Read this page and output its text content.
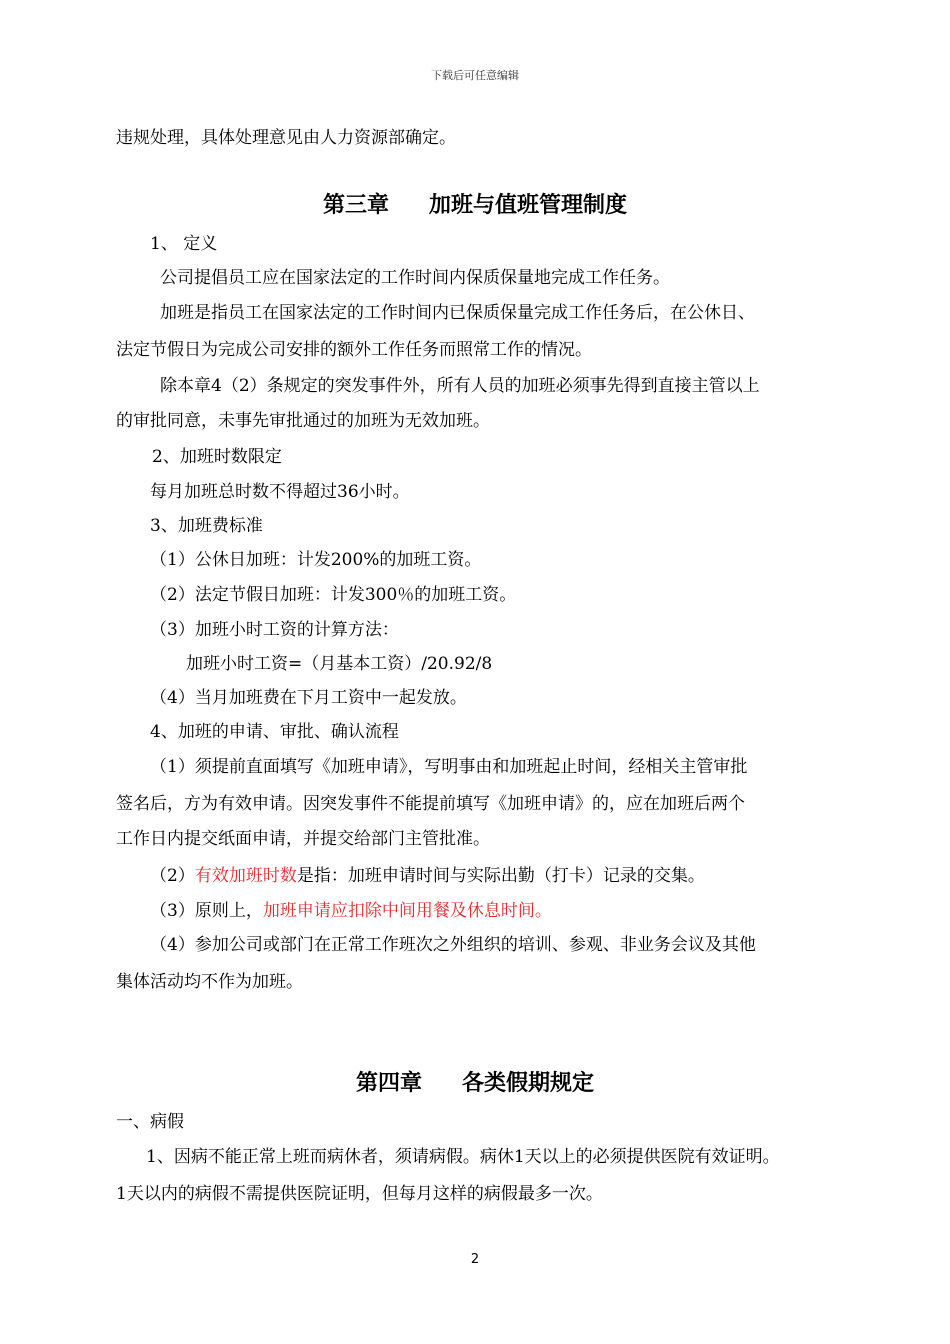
下载后可任意编辑
违规处理，具体处理意见由人力资源部确定。
第三章 加班与值班管理制度
1、 定义
公司提倡员工应在国家法定的工作时间内保质保量地完成工作任务。
加班是指员工在国家法定的工作时间内已保质保量完成工作任务后，在公休日、
法定节假日为完成公司安排的额外工作任务而照常工作的情况。
除本章4（2）条规定的突发事件外，所有人员的加班必须事先得到直接主管以上
的审批同意，未事先审批通过的加班为无效加班。
2、加班时数限定
每月加班总时数不得超过36小时。
3、加班费标准
（1）公休日加班：计发200%的加班工资。
（2）法定节假日加班：计发300％的加班工资。
（3）加班小时工资的计算方法：
加班小时工资=（月基本工资）/20.92/8
（4）当月加班费在下月工资中一起发放。
4、加班的申请、审批、确认流程
（1）须提前直面填写《加班申请》，写明事由和加班起止时间，经相关主管审批
签名后，方为有效申请。因突发事件不能提前填写《加班申请》的，应在加班后两个
工作日内提交纸面申请，并提交给部门主管批准。
（2）有效加班时数是指：加班申请时间与实际出勤（打卡）记录的交集。
（3）原则上，加班申请应扣除中间用餐及休息时间。
（4）参加公司或部门在正常工作班次之外组织的培训、参观、非业务会议及其他
集体活动均不作为加班。
第四章 各类假期规定
一、病假
1、因病不能正常上班而病休者，须请病假。病休1天以上的必须提供医院有效证明。
1天以内的病假不需提供医院证明，但每月这样的病假最多一次。
2
